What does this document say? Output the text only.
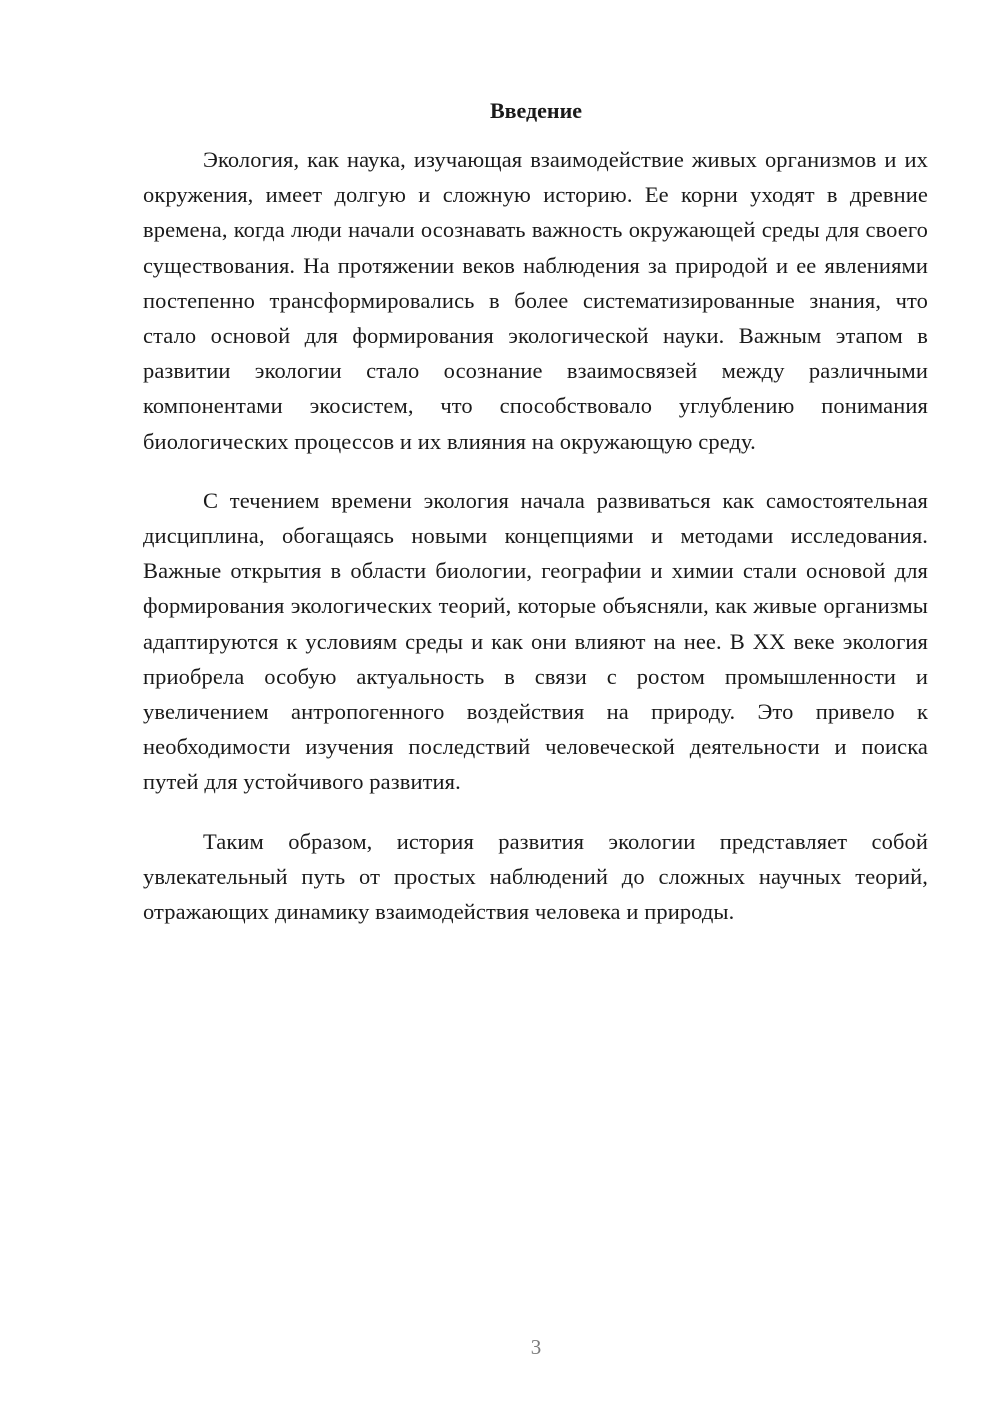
Введение

Экология, как наука, изучающая взаимодействие живых организмов и их окружения, имеет долгую и сложную историю. Ее корни уходят в древние времена, когда люди начали осознавать важность окружающей среды для своего существования. На протяжении веков наблюдения за природой и ее явлениями постепенно трансформировались в более систематизированные знания, что стало основой для формирования экологической науки. Важным этапом в развитии экологии стало осознание взаимосвязей между различными компонентами экосистем, что способствовало углублению понимания биологических процессов и их влияния на окружающую среду.

С течением времени экология начала развиваться как самостоятельная дисциплина, обогащаясь новыми концепциями и методами исследования. Важные открытия в области биологии, географии и химии стали основой для формирования экологических теорий, которые объясняли, как живые организмы адаптируются к условиям среды и как они влияют на нее. В XX веке экология приобрела особую актуальность в связи с ростом промышленности и увеличением антропогенного воздействия на природу. Это привело к необходимости изучения последствий человеческой деятельности и поиска путей для устойчивого развития.

Таким образом, история развития экологии представляет собой увлекательный путь от простых наблюдений до сложных научных теорий, отражающих динамику взаимодействия человека и природы.

3
